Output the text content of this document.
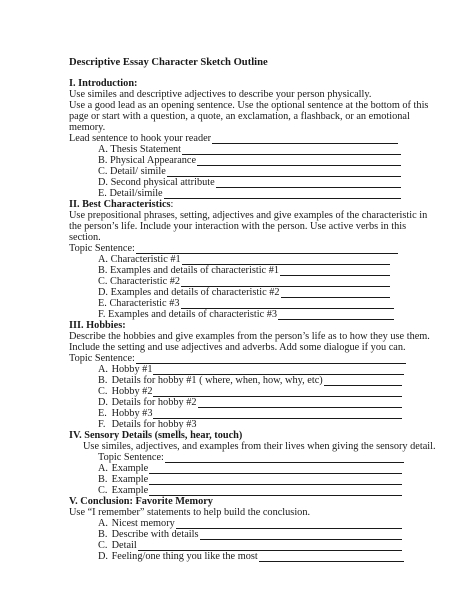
Descriptive Essay Character Sketch Outline
I. Introduction:
Use similes and descriptive adjectives to describe your person physically.
Use a good lead as an opening sentence. Use the optional sentence at the bottom of this
page or start with a question, a quote, an exclamation, a flashback, or an emotional
memory.
Lead sentence to hook your reader
A. Thesis Statement
B. Physical Appearance
C. Detail/ simile
D. Second physical attribute
E. Detail/simile
II. Best Characteristics:
Use prepositional phrases, setting, adjectives and give examples of the characteristic in
the person’s life. Include your interaction with the person. Use active verbs in this
section.
Topic Sentence:
A. Characteristic #1
B. Examples and details of characteristic #1
C. Characteristic #2
D. Examples and details of characteristic #2
E. Characteristic #3
F. Examples and details of characteristic #3
III. Hobbies:
Describe the hobbies and give examples from the person’s life as to how they use them.
Include the setting and use adjectives and adverbs. Add some dialogue if you can.
Topic Sentence:
A. Hobby #1
B. Details for hobby #1 ( where, when, how, why, etc)
C. Hobby #2
D. Details for hobby #2
E. Hobby #3
F. Details for hobby #3
IV. Sensory Details (smells, hear, touch)
Use similes, adjectives, and examples from their lives when giving the sensory detail.
Topic Sentence:
A. Example
B. Example
C. Example
V. Conclusion: Favorite Memory
Use “I remember” statements to help build the conclusion.
A. Nicest memory
B. Describe with details
C. Detail
D. Feeling/one thing you like the most
